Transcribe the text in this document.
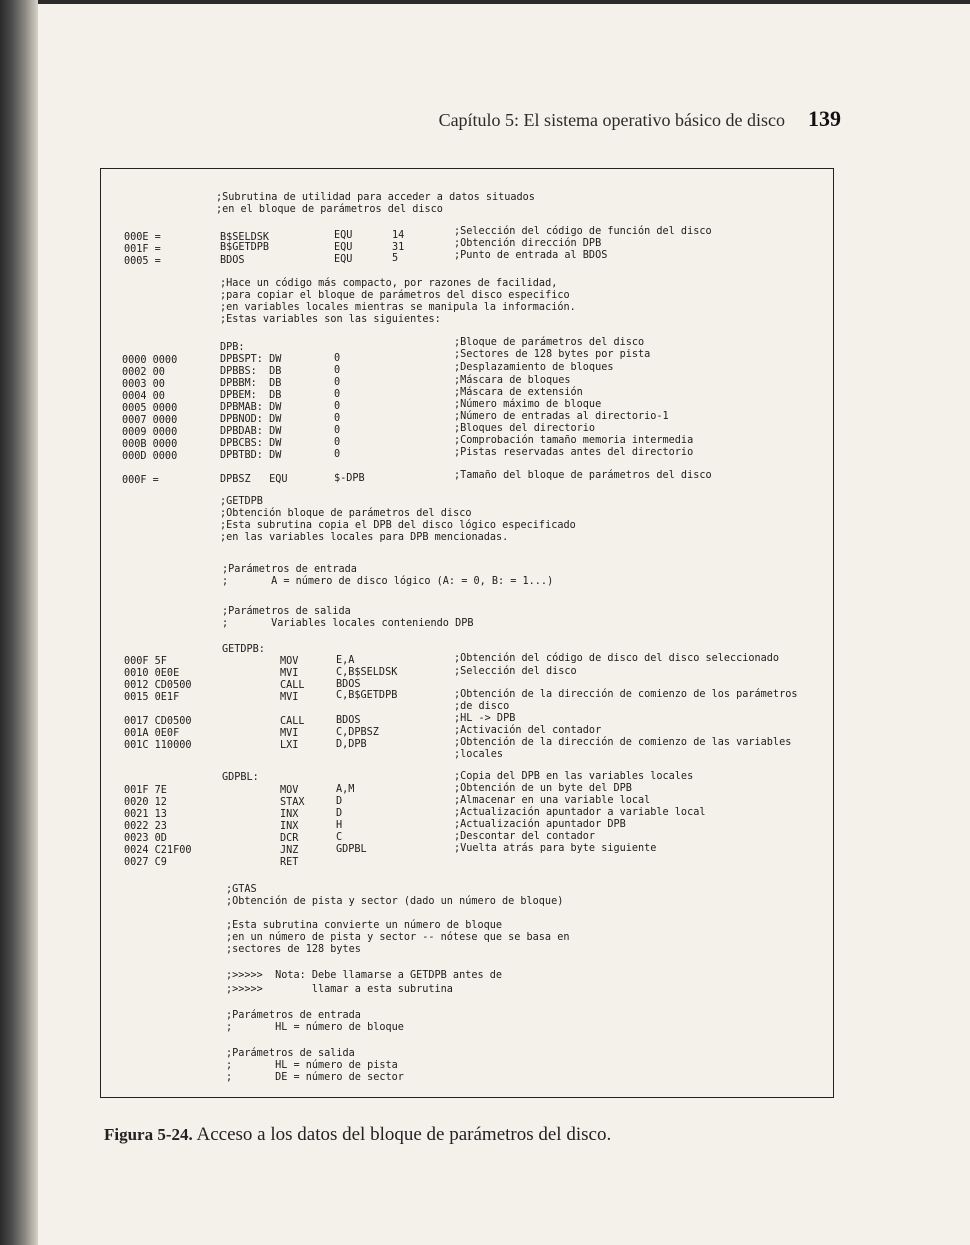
Capítulo 5: El sistema operativo básico de disco 139
;Subrutina de utilidad para acceder a datos situados
;en el bloque de parámetros del disco
000E =	B$SELDSK	EQU	14	;Selección del código de función del disco
001F =	B$GETDPB	EQU	31	;Obtención dirección DPB
0005 =	BDOS	EQU	5	;Punto de entrada al BDOS
;Hace un código más compacto, por razones de facilidad,
;para copiar el bloque de parámetros del disco especifico
;en variables locales mientras se manipula la información.
;Estas variables son las siguientes:
DPB:	;Bloque de parámetros del disco
0000 0000	DPBSPT: DW	0	;Sectores de 128 bytes por pista
0002 00	DPBBS:  DB	0	;Desplazamiento de bloques
0003 00	DPBBM:  DB	0	;Máscara de bloques
0004 00	DPBEM:  DB	0	;Máscara de extensión
0005 0000	DPBMAB: DW	0	;Número máximo de bloque
0007 0000	DPBNOD: DW	0	;Número de entradas al directorio-1
0009 0000	DPBDAB: DW	0	;Bloques del directorio
000B 0000	DPBCBS: DW	0	;Comprobación tamaño memoria intermedia
000D 0000	DPBTBD: DW	0	;Pistas reservadas antes del directorio
000F =	DPBSZ   EQU	$-DPB	;Tamaño del bloque de parámetros del disco
;GETDPB
;Obtención bloque de parámetros del disco
;Esta subrutina copia el DPB del disco lógico especificado
;en las variables locales para DPB mencionadas.
;Parámetros de entrada
;       A = número de disco lógico (A: = 0, B: = 1...)
;Parámetros de salida
;       Variables locales conteniendo DPB
GETDPB:
000F 5F	MOV	E,A	;Obtención del código de disco del disco seleccionado
0010 0E0E	MVI	C,B$SELDSK	;Selección del disco
0012 CD0500	CALL	BDOS
0015 0E1F	MVI	C,B$GETDPB	;Obtención de la dirección de comienzo de los parámetros
;de disco
0017 CD0500	CALL	BDOS	;HL -> DPB
001A 0E0F	MVI	C,DPBSZ	;Activación del contador
001C 110000	LXI	D,DPB	;Obtención de la dirección de comienzo de las variables
;locales
GDPBL:	;Copia del DPB en las variables locales
001F 7E	MOV	A,M	;Obtención de un byte del DPB
0020 12	STAX	D	;Almacenar en una variable local
0021 13	INX	D	;Actualización apuntador a variable local
0022 23	INX	H	;Actualización apuntador DPB
0023 0D	DCR	C	;Descontar del contador
0024 C21F00	JNZ	GDPBL	;Vuelta atrás para byte siguiente
0027 C9	RET
;GTAS
;Obtención de pista y sector (dado un número de bloque)
;Esta subrutina convierte un número de bloque
;en un número de pista y sector -- nótese que se basa en
;sectores de 128 bytes
;>>>>>  Nota: Debe llamarse a GETDPB antes de
;>>>>>        llamar a esta subrutina
;Parámetros de entrada
;       HL = número de bloque
;Parámetros de salida
;       HL = número de pista
;       DE = número de sector
Figura 5-24. Acceso a los datos del bloque de parámetros del disco.
